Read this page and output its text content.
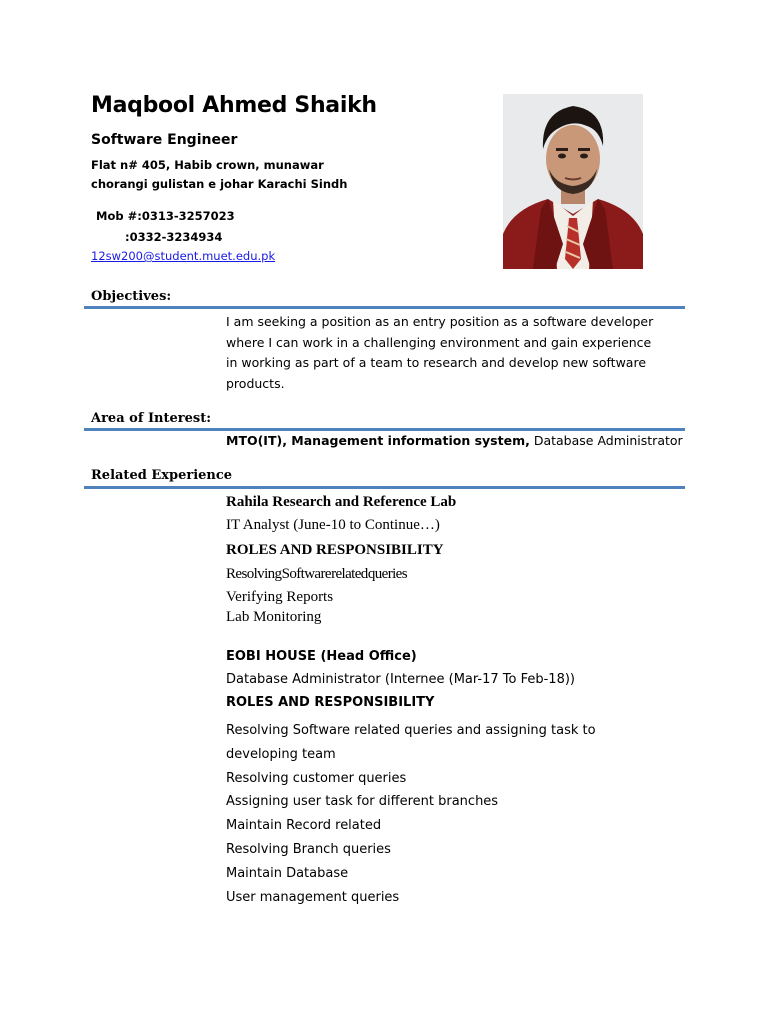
Maqbool Ahmed Shaikh
Software Engineer
Flat n# 405, Habib crown, munawar
chorangi gulistan e johar Karachi Sindh
Mob #:0313-3257023
:0332-3234934
12sw200@student.muet.edu.pk
Objectives:
I am seeking a position as an entry position as a software developer
where I can work in a challenging environment and gain experience
in working as part of a team to research and develop new software
products.
Area of Interest:
MTO(IT), Management information system, Database Administrator
Related Experience
Rahila Research and Reference Lab
IT Analyst (June-10 to Continue…)
ROLES AND RESPONSIBILITY
Resolving Software related queries
Verifying Reports
Lab Monitoring
EOBI HOUSE (Head Office)
Database Administrator (Internee (Mar-17 To Feb-18))
ROLES AND RESPONSIBILITY
Resolving Software related queries and assigning task to
developing team
Resolving customer queries
Assigning user task for different branches
Maintain Record related
Resolving Branch queries
Maintain Database
User management queries
